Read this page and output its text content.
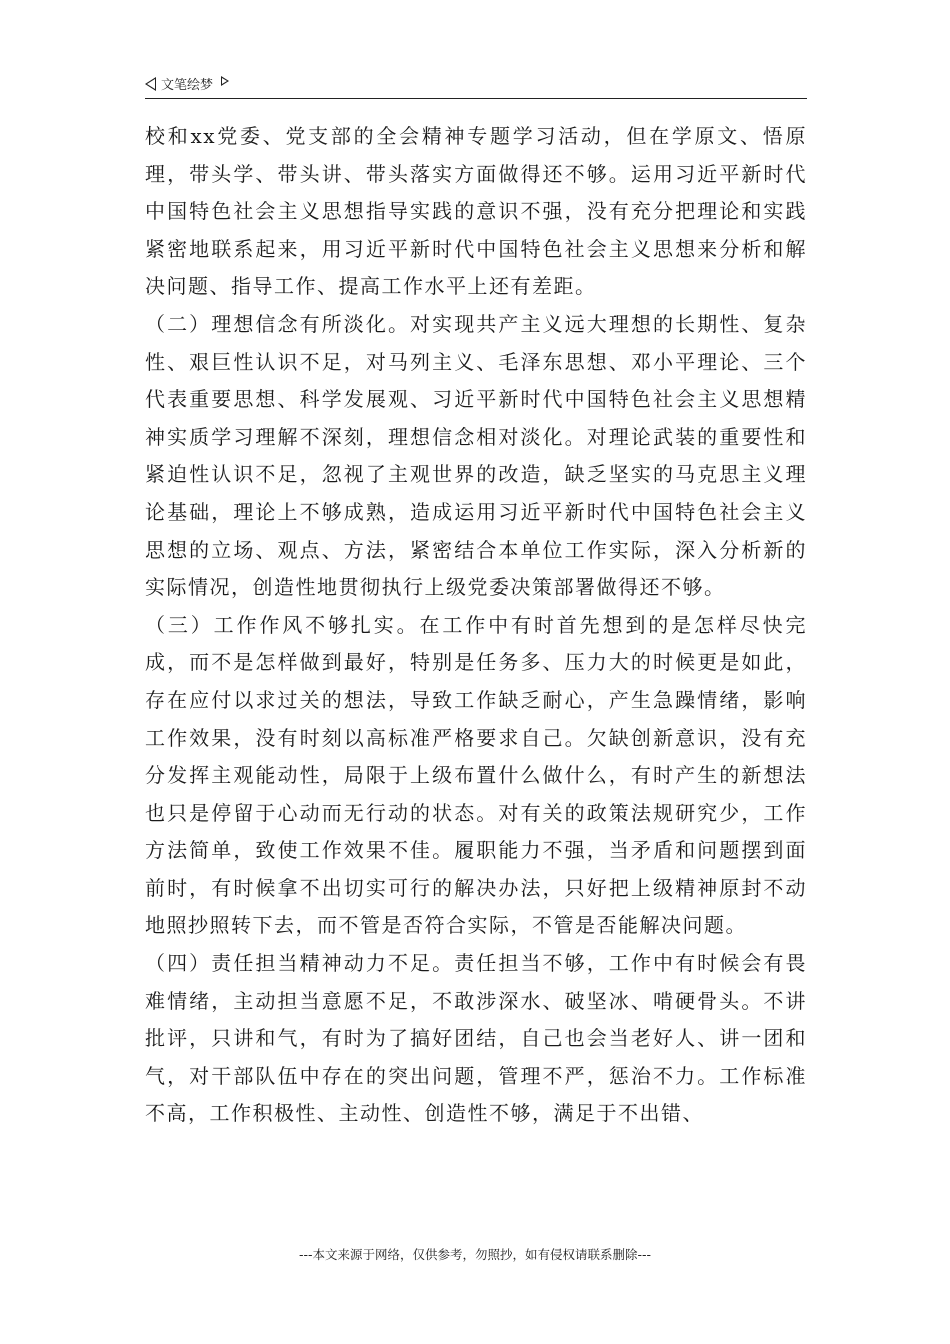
文笔绘梦

校和xx党委、党支部的全会精神专题学习活动，但在学原文、悟原理，带头学、带头讲、带头落实方面做得还不够。运用习近平新时代中国特色社会主义思想指导实践的意识不强，没有充分把理论和实践紧密地联系起来，用习近平新时代中国特色社会主义思想来分析和解决问题、指导工作、提高工作水平上还有差距。

（二）理想信念有所淡化。对实现共产主义远大理想的长期性、复杂性、艰巨性认识不足，对马列主义、毛泽东思想、邓小平理论、三个代表重要思想、科学发展观、习近平新时代中国特色社会主义思想精神实质学习理解不深刻，理想信念相对淡化。对理论武装的重要性和紧迫性认识不足，忽视了主观世界的改造，缺乏坚实的马克思主义理论基础，理论上不够成熟，造成运用习近平新时代中国特色社会主义思想的立场、观点、方法，紧密结合本单位工作实际，深入分析新的实际情况，创造性地贯彻执行上级党委决策部署做得还不够。

（三）工作作风不够扎实。在工作中有时首先想到的是怎样尽快完成，而不是怎样做到最好，特别是任务多、压力大的时候更是如此，存在应付以求过关的想法，导致工作缺乏耐心，产生急躁情绪，影响工作效果，没有时刻以高标准严格要求自己。欠缺创新意识，没有充分发挥主观能动性，局限于上级布置什么做什么，有时产生的新想法也只是停留于心动而无行动的状态。对有关的政策法规研究少，工作方法简单，致使工作效果不佳。履职能力不强，当矛盾和问题摆到面前时，有时候拿不出切实可行的解决办法，只好把上级精神原封不动地照抄照转下去，而不管是否符合实际，不管是否能解决问题。

（四）责任担当精神动力不足。责任担当不够，工作中有时候会有畏难情绪，主动担当意愿不足，不敢涉深水、破坚冰、啃硬骨头。不讲批评，只讲和气，有时为了搞好团结，自己也会当老好人、讲一团和气，对干部队伍中存在的突出问题，管理不严，惩治不力。工作标准不高，工作积极性、主动性、创造性不够，满足于不出错、

---本文来源于网络，仅供参考，勿照抄，如有侵权请联系删除---
